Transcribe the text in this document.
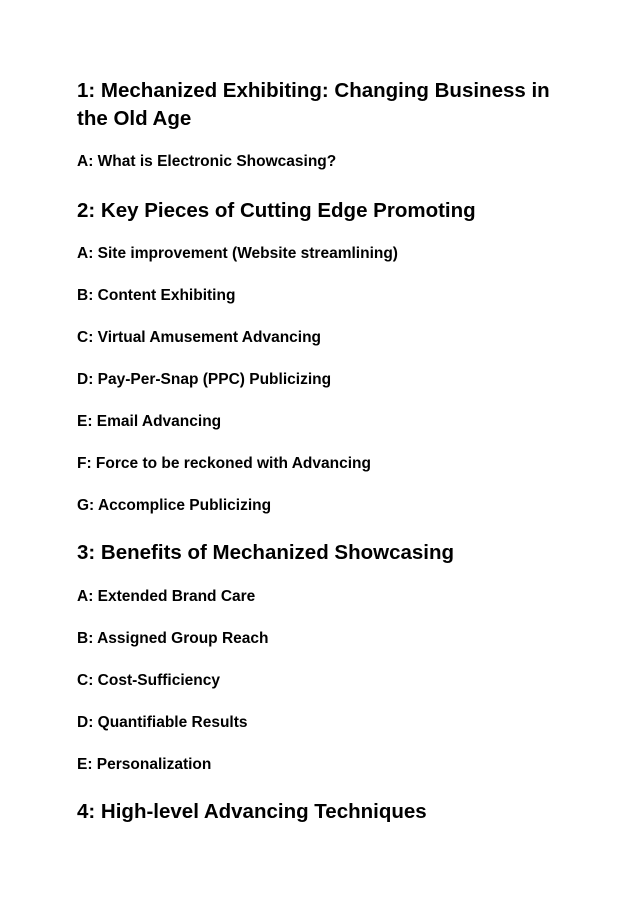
1: Mechanized Exhibiting: Changing Business in the Old Age

A: What is Electronic Showcasing?

2: Key Pieces of Cutting Edge Promoting

A: Site improvement (Website streamlining)

B: Content Exhibiting

C: Virtual Amusement Advancing

D: Pay-Per-Snap (PPC) Publicizing

E: Email Advancing

F: Force to be reckoned with Advancing

G: Accomplice Publicizing

3: Benefits of Mechanized Showcasing

A: Extended Brand Care

B: Assigned Group Reach

C: Cost-Sufficiency

D: Quantifiable Results

E: Personalization

4: High-level Advancing Techniques
